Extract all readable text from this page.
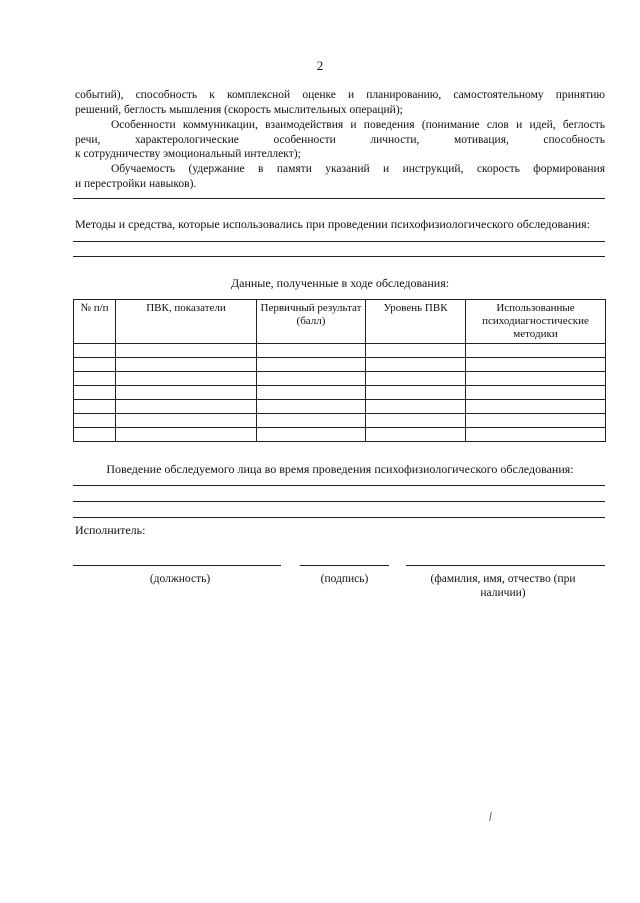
2
событий), способность к комплексной оценке и планированию, самостоятельному принятию
решений, беглость мышления (скорость мыслительных операций);
Особенности коммуникации, взаимодействия и поведения (понимание слов и идей, беглость
речи, характерологические особенности личности, мотивация, способность
к сотрудничеству эмоциональный интеллект);
Обучаемость (удержание в памяти указаний и инструкций, скорость формирования
и перестройки навыков).
Методы и средства, которые использовались при проведении психофизиологического обследования:
Данные, полученные в ходе обследования:
№ п/п	ПВК, показатели	Первичный результат (балл)	Уровень ПВК	Использованные психодиагностические методики

Поведение обследуемого лица во время проведения психофизиологического обследования:
Исполнитель:
(должность)	(подпись)	(фамилия, имя, отчество (при наличии)
